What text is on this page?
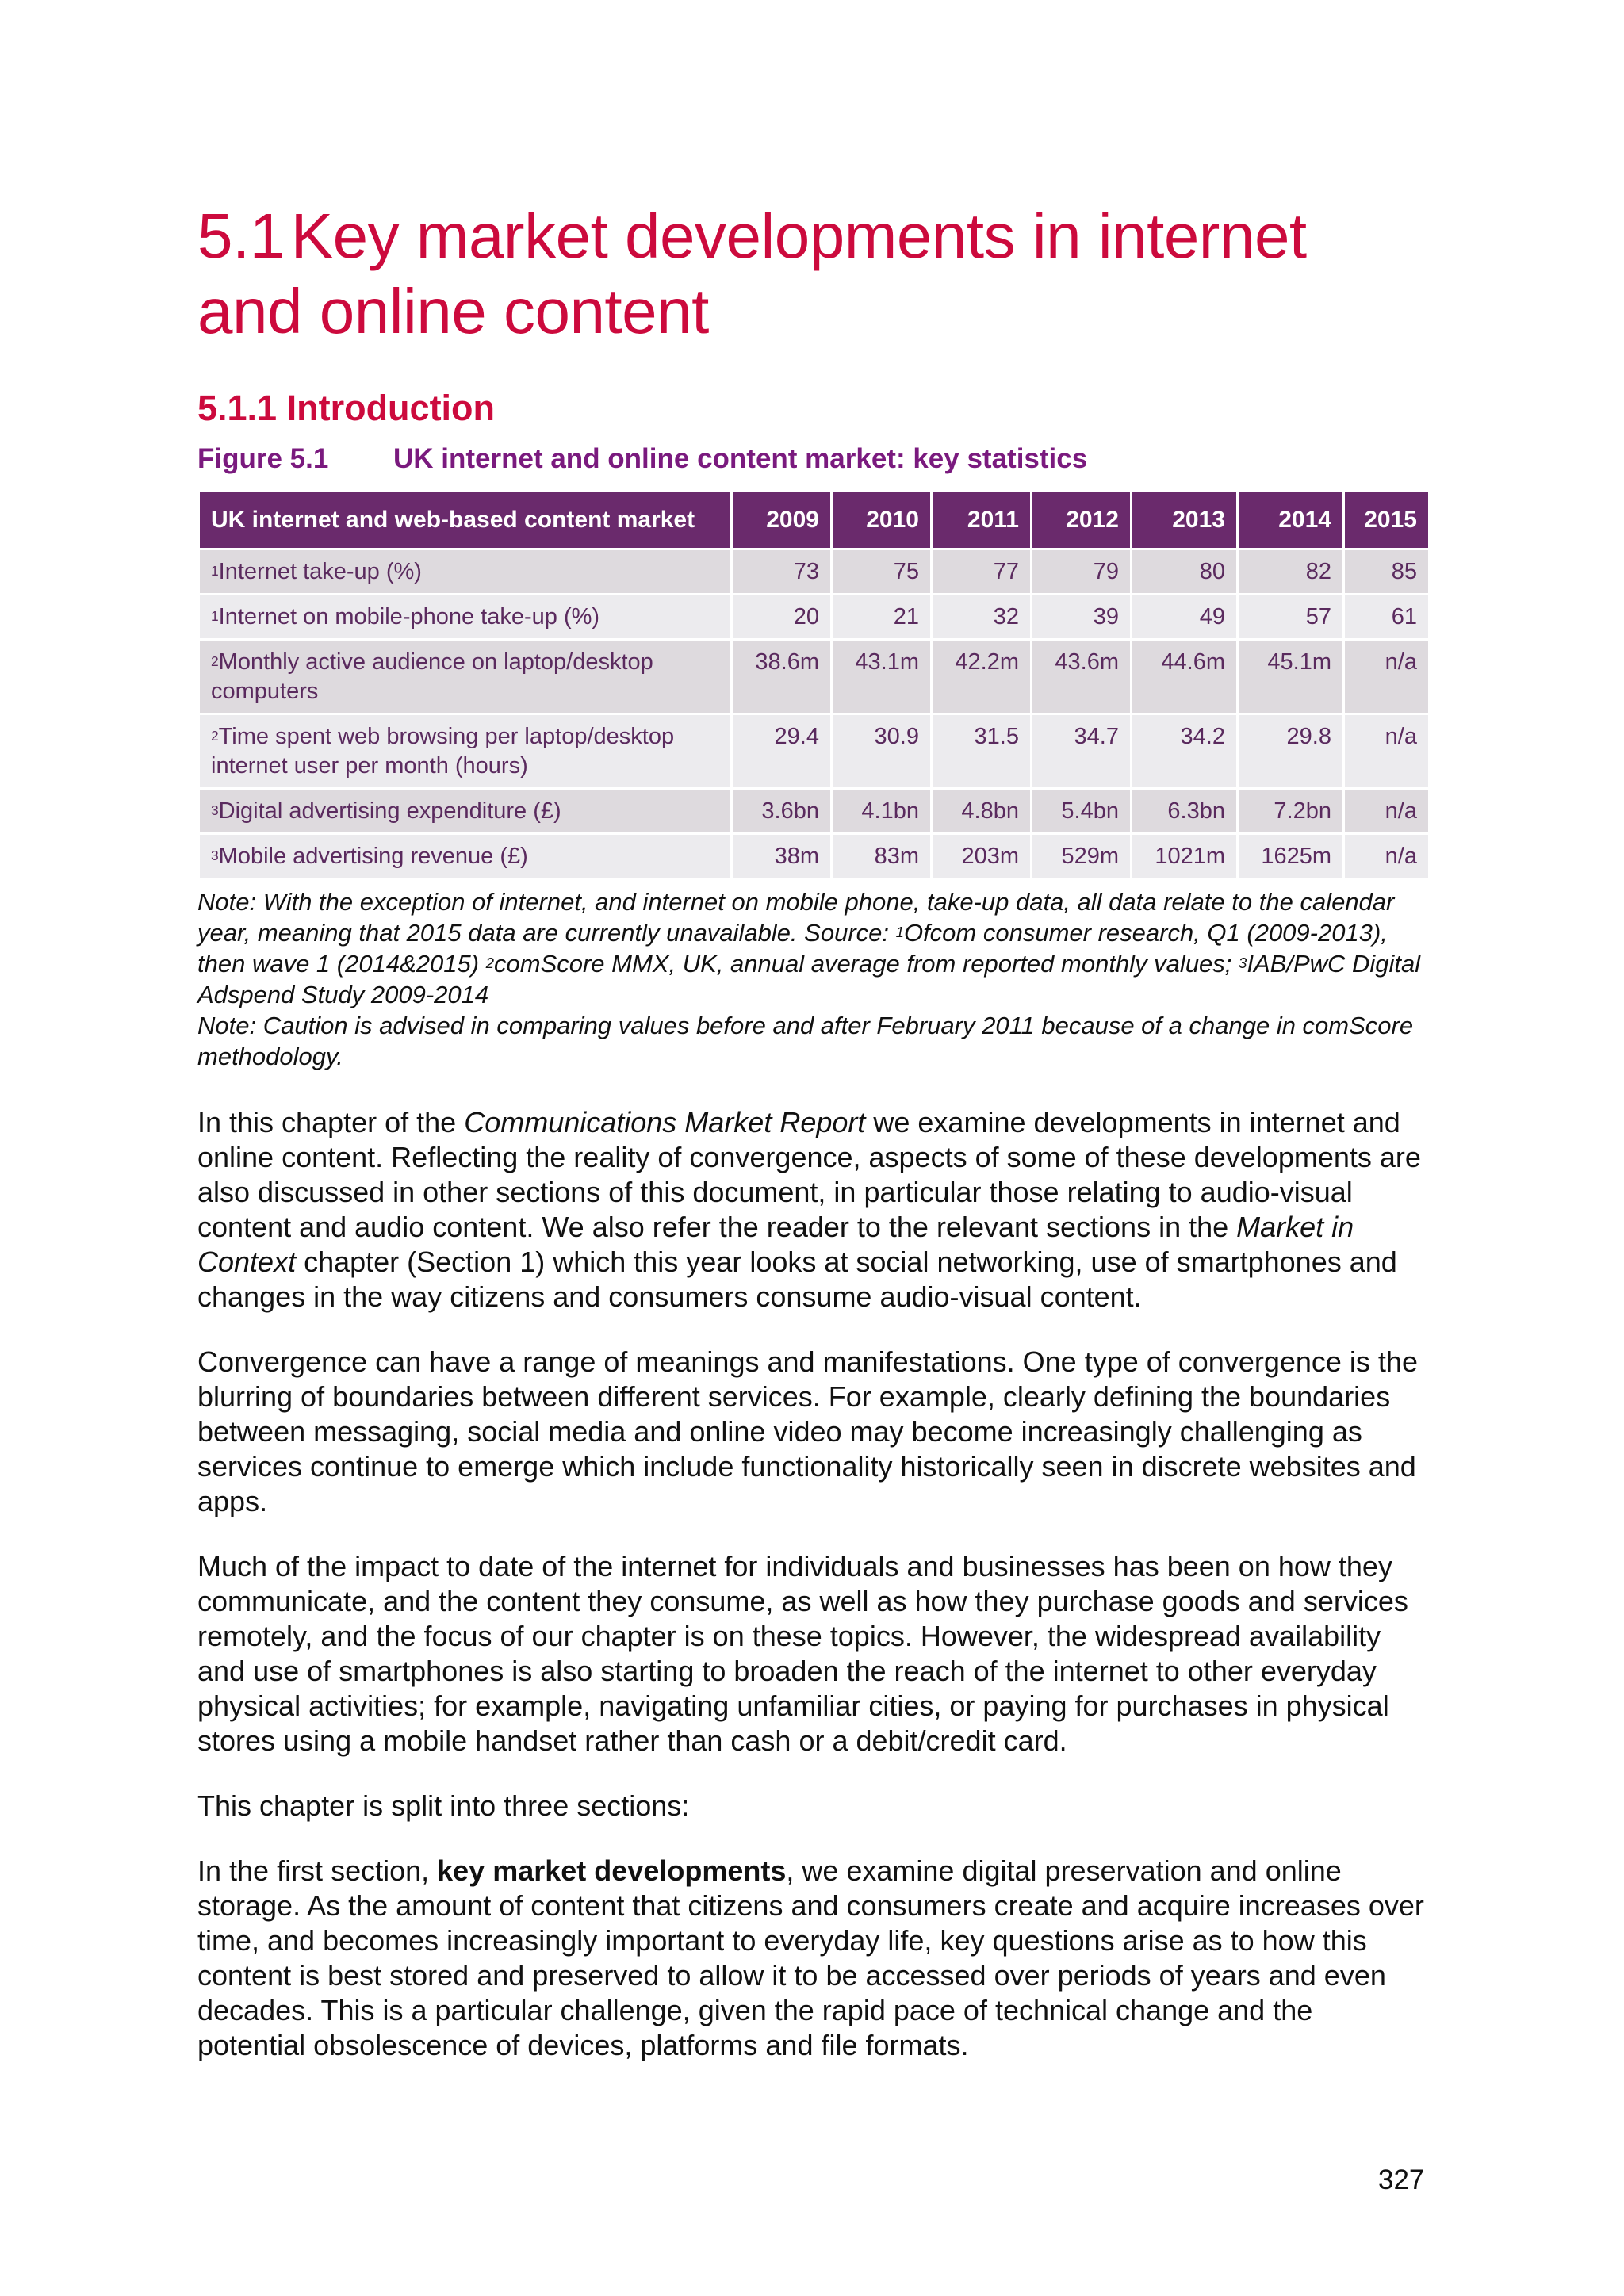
5.1 Key market developments in internet and online content
5.1.1 Introduction
Figure 5.1	UK internet and online content market: key statistics
UK internet and web-based content market	2009	2010	2011	2012	2013	2014	2015
$^1$Internet take-up (%)	73	75	77	79	80	82	85
$^1$Internet on mobile-phone take-up (%)	20	21	32	39	49	57	61
$^2$Monthly active audience on laptop/desktop computers	38.6m	43.1m	42.2m	43.6m	44.6m	45.1m	n/a
$^2$Time spent web browsing per laptop/desktop internet user per month (hours)	29.4	30.9	31.5	34.7	34.2	29.8	n/a
$^3$Digital advertising expenditure (£)	3.6bn	4.1bn	4.8bn	5.4bn	6.3bn	7.2bn	n/a
$^3$Mobile advertising revenue (£)	38m	83m	203m	529m	1021m	1625m	n/a
Note: With the exception of internet, and internet on mobile phone, take-up data, all data relate to the calendar year, meaning that 2015 data are currently unavailable. Source: $^1$Ofcom consumer research, Q1 (2009-2013), then wave 1 (2014&2015) $^2$comScore MMX, UK, annual average from reported monthly values; $^3$IAB/PwC Digital Adspend Study 2009-2014
Note: Caution is advised in comparing values before and after February 2011 because of a change in comScore methodology.
In this chapter of the Communications Market Report we examine developments in internet and online content. Reflecting the reality of convergence, aspects of some of these developments are also discussed in other sections of this document, in particular those relating to audio-visual content and audio content. We also refer the reader to the relevant sections in the Market in Context chapter (Section 1) which this year looks at social networking, use of smartphones and changes in the way citizens and consumers consume audio-visual content.
Convergence can have a range of meanings and manifestations. One type of convergence is the blurring of boundaries between different services. For example, clearly defining the boundaries between messaging, social media and online video may become increasingly challenging as services continue to emerge which include functionality historically seen in discrete websites and apps.
Much of the impact to date of the internet for individuals and businesses has been on how they communicate, and the content they consume, as well as how they purchase goods and services remotely, and the focus of our chapter is on these topics. However, the widespread availability and use of smartphones is also starting to broaden the reach of the internet to other everyday physical activities; for example, navigating unfamiliar cities, or paying for purchases in physical stores using a mobile handset rather than cash or a debit/credit card.
This chapter is split into three sections:
In the first section, key market developments, we examine digital preservation and online storage. As the amount of content that citizens and consumers create and acquire increases over time, and becomes increasingly important to everyday life, key questions arise as to how this content is best stored and preserved to allow it to be accessed over periods of years and even decades. This is a particular challenge, given the rapid pace of technical change and the potential obsolescence of devices, platforms and file formats.
327
